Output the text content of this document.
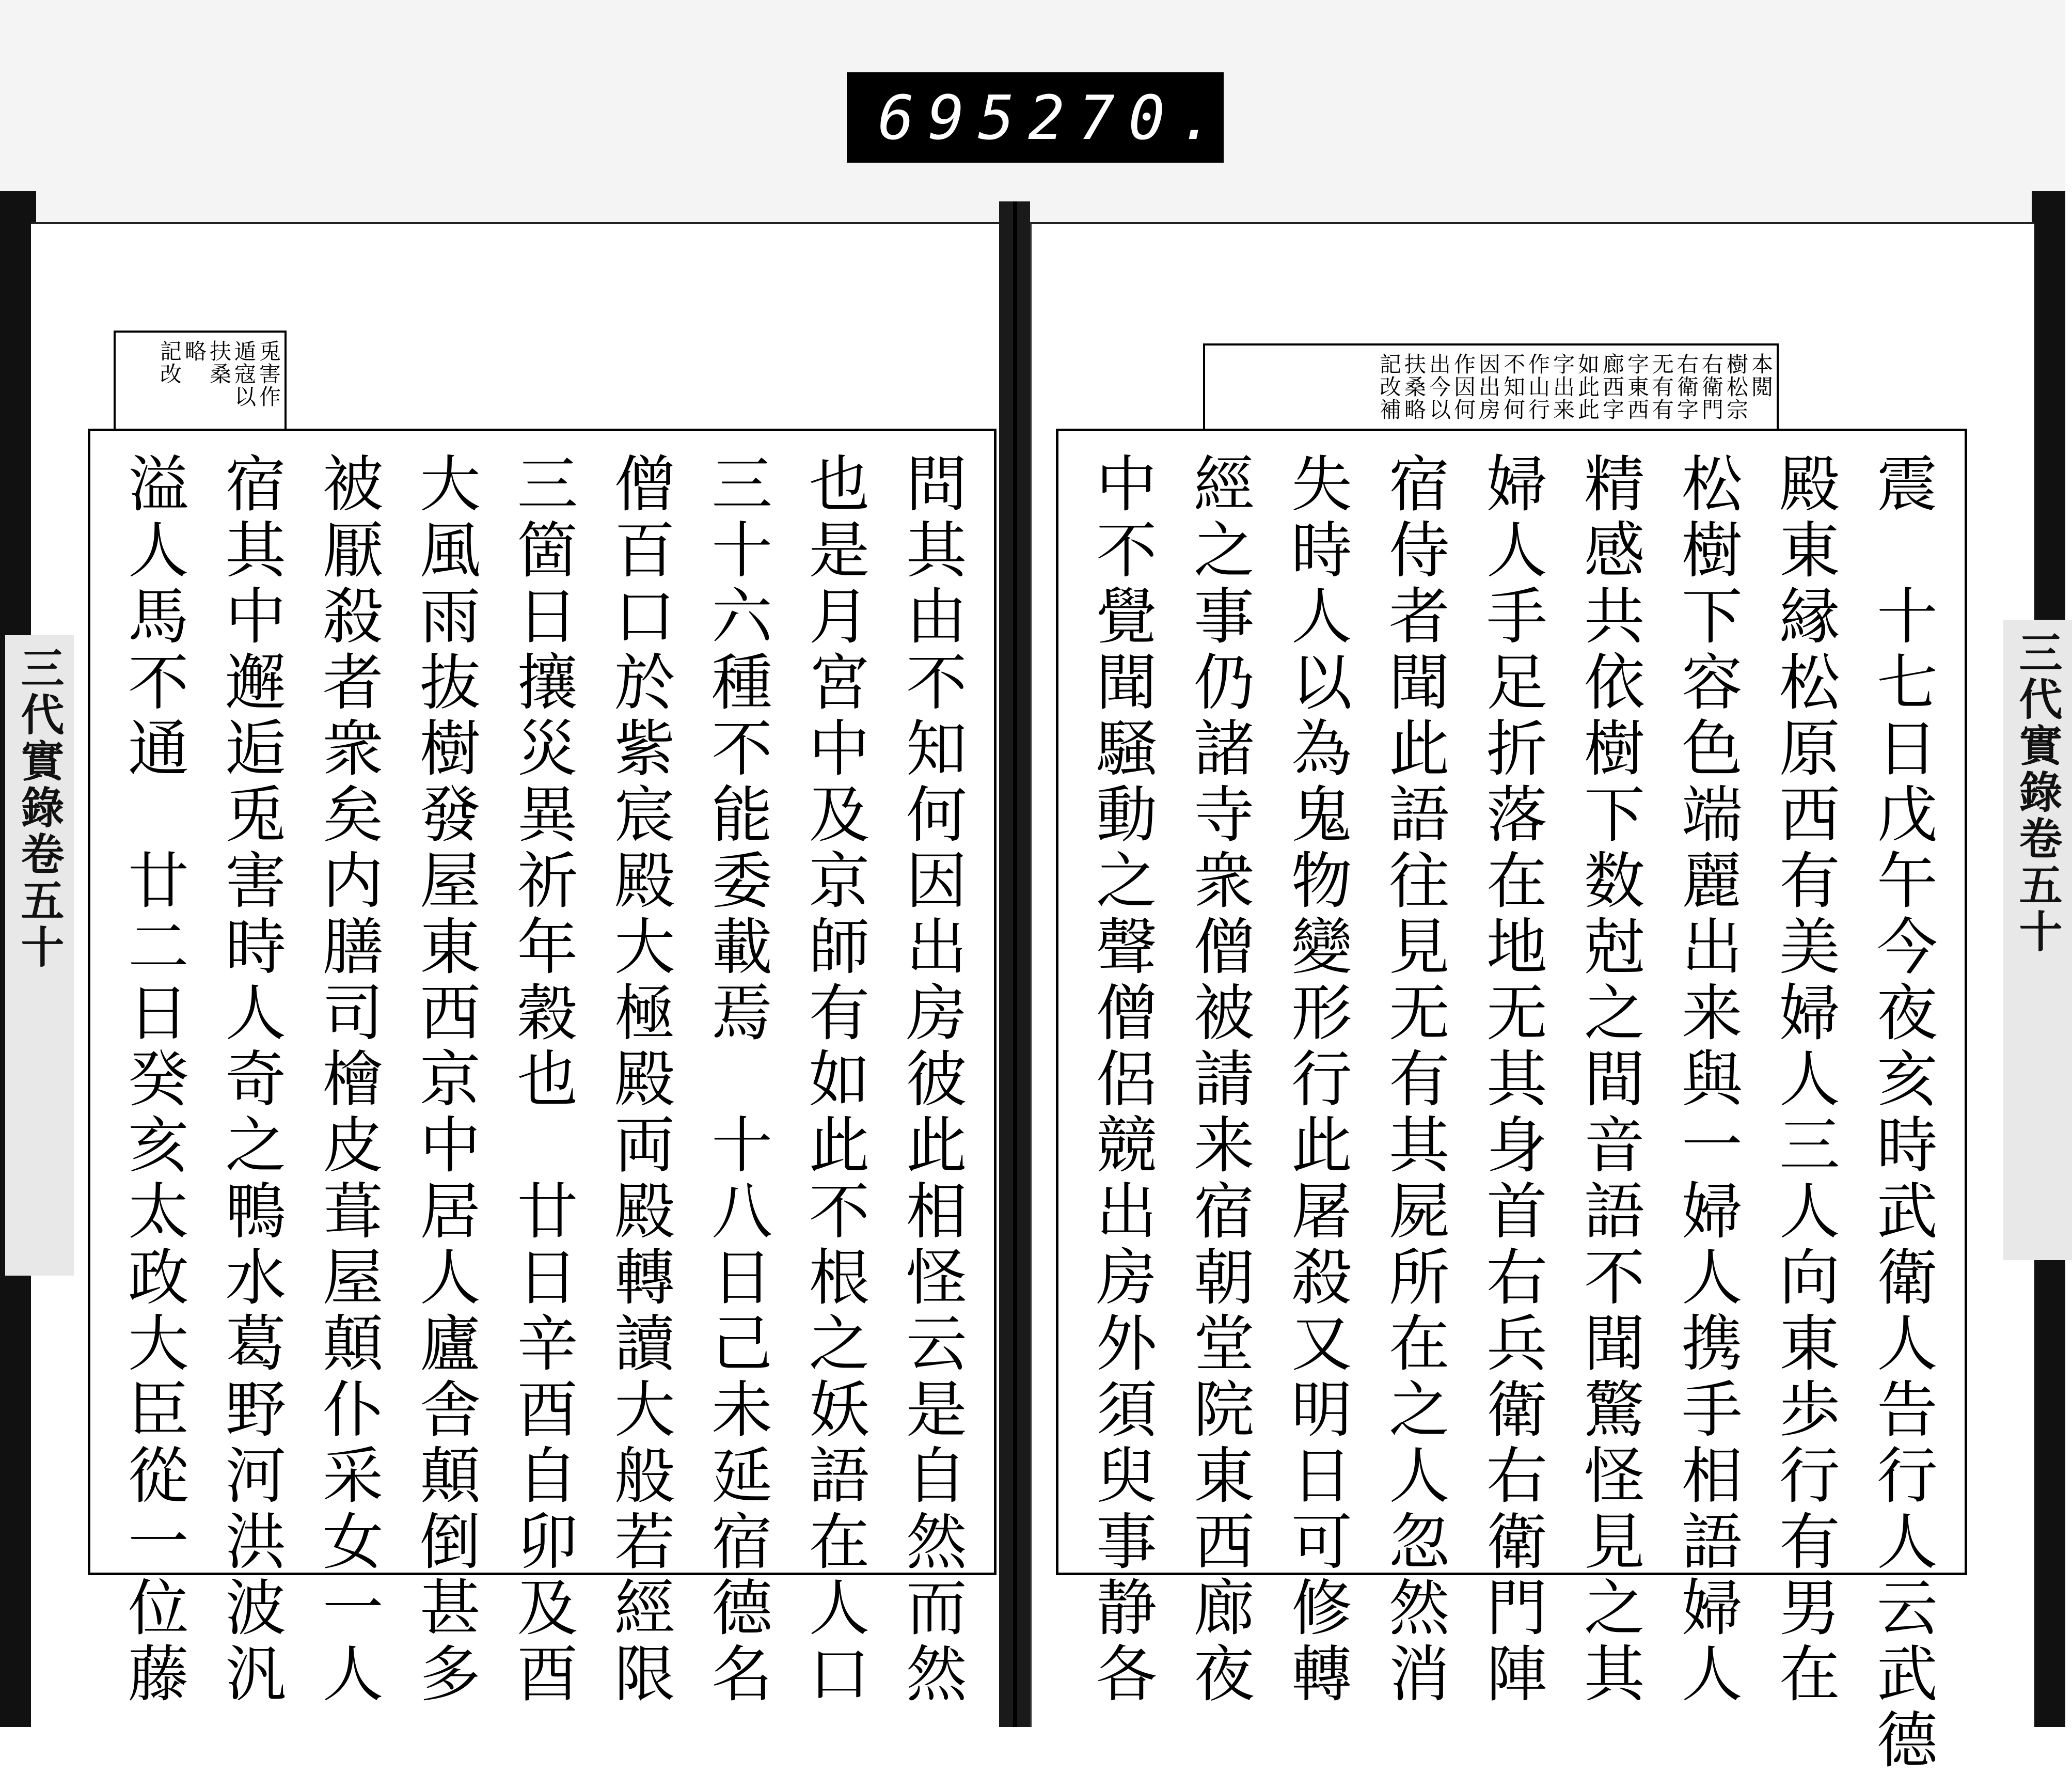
695 270.
三代實錄卷五十	三代實錄卷五十
本閲
樹松宗
右衛門
右衛字
无有有
字東西
廊西字
如此此
字出来
作山行
不知何
因出房
作因何
出今以
扶桑略
記改補
兎害作
遁寇以
扶桑
略
記改
震　十七日戊午今夜亥時武衛人告行人云武德
殿東縁松原西有美婦人三人向東歩行有男在
松樹下容色端麗出来與一婦人携手相語婦人
精感共依樹下数尅之間音語不聞驚怪見之其
婦人手足折落在地无其身首右兵衛右衛門陣
宿侍者聞此語往見无有其屍所在之人忽然消
失時人以為鬼物變形行此屠殺又明日可修轉
經之事仍諸寺衆僧被請来宿朝堂院東西廊夜
中不覺聞騒動之聲僧侶競出房外須臾事静各
問其由不知何因出房彼此相怪云是自然而然
也是月宮中及京師有如此不根之妖語在人口
三十六種不能委載焉　十八日己未延宿德名
僧百口於紫宸殿大極殿両殿轉讀大般若經限
三箇日攘災異祈年穀也　廿日辛酉自卯及酉
大風雨抜樹發屋東西京中居人廬舎顛倒甚多
被厭殺者衆矣内膳司檜皮葺屋顛仆采女一人
宿其中邂逅兎害時人奇之鴨水葛野河洪波汎
溢人馬不通　廿二日癸亥太政大臣從一位藤
